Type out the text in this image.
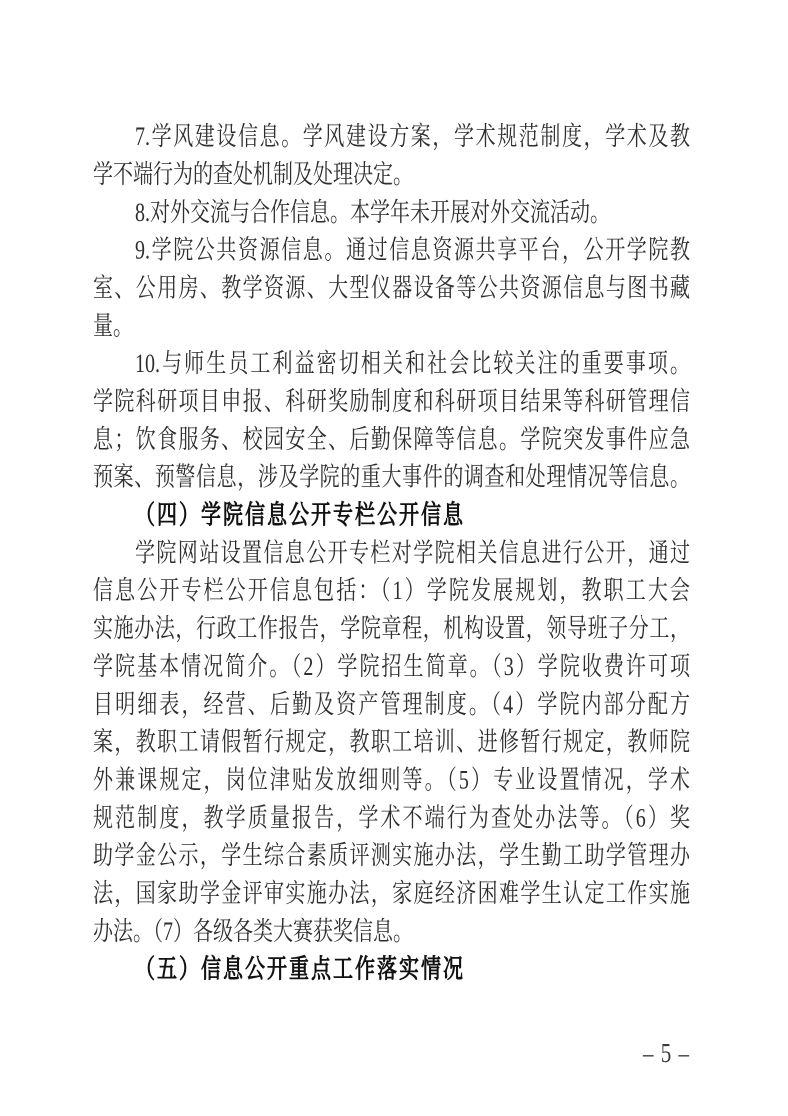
7.学风建设信息。学风建设方案，学术规范制度，学术及教
学不端行为的查处机制及处理决定。
8.对外交流与合作信息。本学年未开展对外交流活动。
9.学院公共资源信息。通过信息资源共享平台，公开学院教
室、公用房、教学资源、大型仪器设备等公共资源信息与图书藏
量。
10.与师生员工利益密切相关和社会比较关注的重要事项。
学院科研项目申报、科研奖励制度和科研项目结果等科研管理信
息；饮食服务、校园安全、后勤保障等信息。学院突发事件应急
预案、预警信息，涉及学院的重大事件的调查和处理情况等信息。
（四）学院信息公开专栏公开信息
学院网站设置信息公开专栏对学院相关信息进行公开，通过
信息公开专栏公开信息包括：（1）学院发展规划，教职工大会
实施办法，行政工作报告，学院章程，机构设置，领导班子分工，
学院基本情况简介。（2）学院招生简章。（3）学院收费许可项
目明细表，经营、后勤及资产管理制度。（4）学院内部分配方
案，教职工请假暂行规定，教职工培训、进修暂行规定，教师院
外兼课规定，岗位津贴发放细则等。（5）专业设置情况，学术
规范制度，教学质量报告，学术不端行为查处办法等。（6）奖
助学金公示，学生综合素质评测实施办法，学生勤工助学管理办
法，国家助学金评审实施办法，家庭经济困难学生认定工作实施
办法。（7）各级各类大赛获奖信息。
（五）信息公开重点工作落实情况
– 5 –
